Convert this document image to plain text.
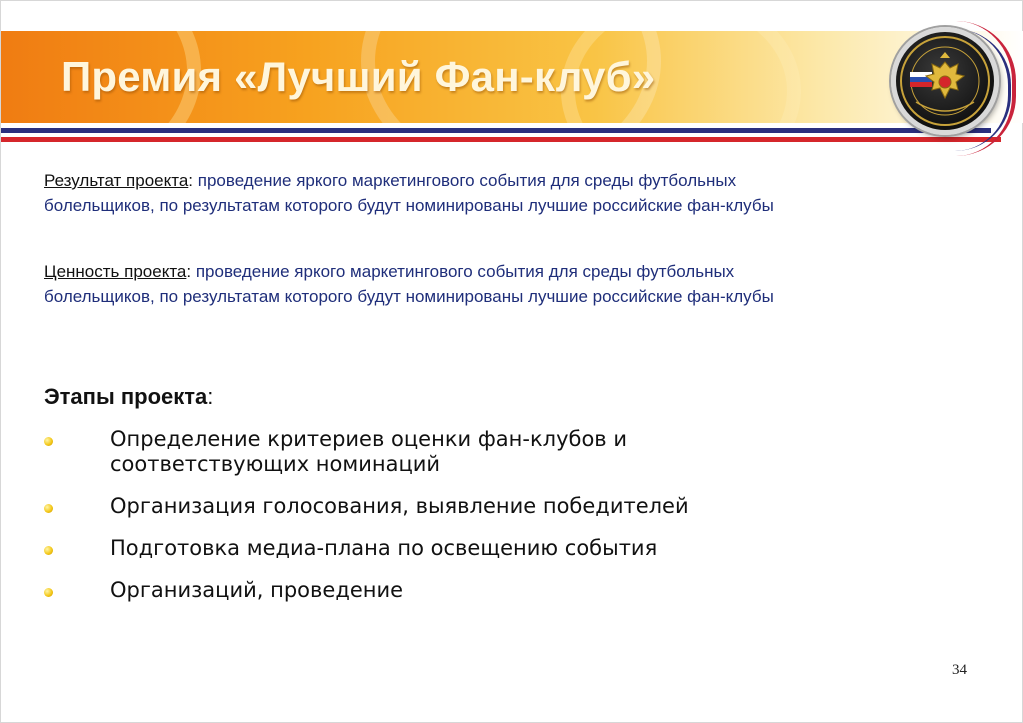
Премия «Лучший Фан-клуб»
Результат проекта: проведение яркого маркетингового события для среды футбольных болельщиков, по результатам которого будут номинированы лучшие российские фан-клубы
Ценность проекта: проведение яркого маркетингового события для среды футбольных болельщиков, по результатам которого будут номинированы лучшие российские фан-клубы
Этапы проекта:
Определение критериев оценки фан-клубов и соответствующих номинаций
Организация голосования, выявление победителей
Подготовка медиа-плана по освещению события
Организаций, проведение
34
